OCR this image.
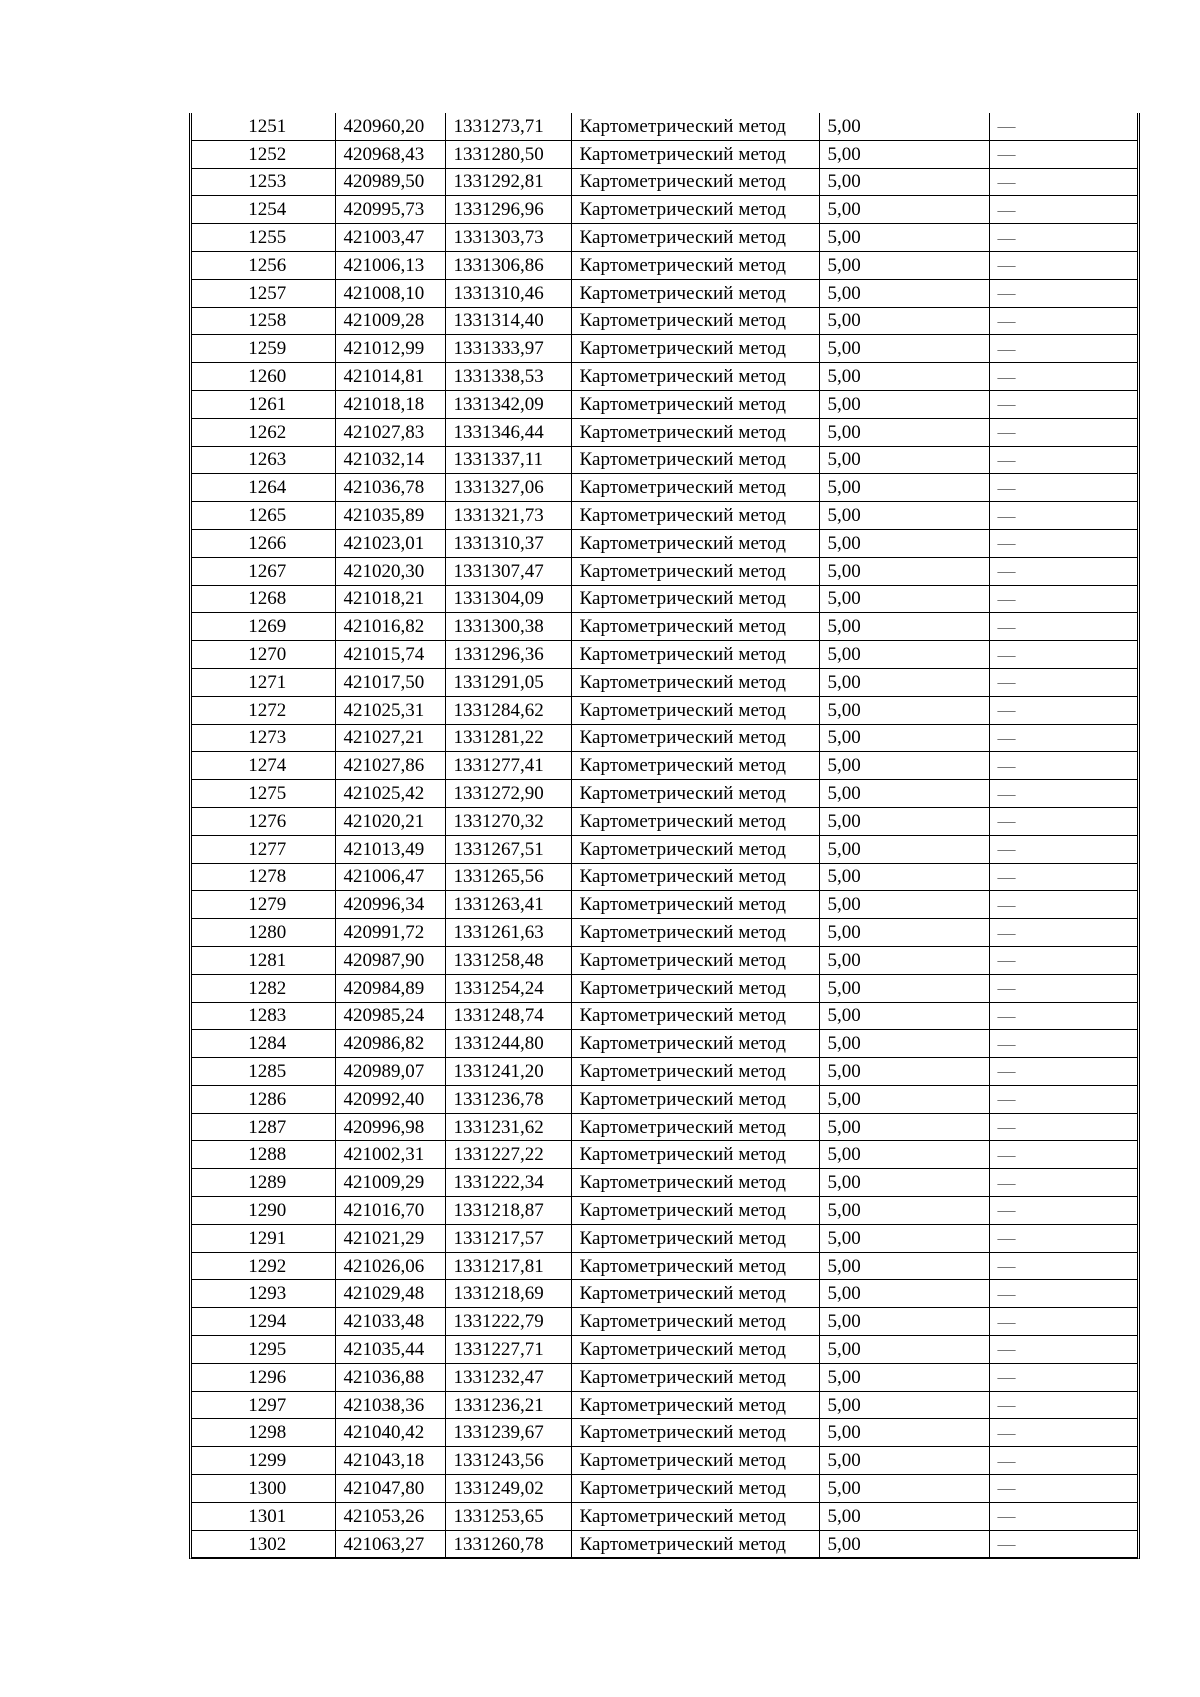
1251	420960,20	1331273,71	Картометрический метод	5,00	—
1252	420968,43	1331280,50	Картометрический метод	5,00	—
1253	420989,50	1331292,81	Картометрический метод	5,00	—
1254	420995,73	1331296,96	Картометрический метод	5,00	—
1255	421003,47	1331303,73	Картометрический метод	5,00	—
1256	421006,13	1331306,86	Картометрический метод	5,00	—
1257	421008,10	1331310,46	Картометрический метод	5,00	—
1258	421009,28	1331314,40	Картометрический метод	5,00	—
1259	421012,99	1331333,97	Картометрический метод	5,00	—
1260	421014,81	1331338,53	Картометрический метод	5,00	—
1261	421018,18	1331342,09	Картометрический метод	5,00	—
1262	421027,83	1331346,44	Картометрический метод	5,00	—
1263	421032,14	1331337,11	Картометрический метод	5,00	—
1264	421036,78	1331327,06	Картометрический метод	5,00	—
1265	421035,89	1331321,73	Картометрический метод	5,00	—
1266	421023,01	1331310,37	Картометрический метод	5,00	—
1267	421020,30	1331307,47	Картометрический метод	5,00	—
1268	421018,21	1331304,09	Картометрический метод	5,00	—
1269	421016,82	1331300,38	Картометрический метод	5,00	—
1270	421015,74	1331296,36	Картометрический метод	5,00	—
1271	421017,50	1331291,05	Картометрический метод	5,00	—
1272	421025,31	1331284,62	Картометрический метод	5,00	—
1273	421027,21	1331281,22	Картометрический метод	5,00	—
1274	421027,86	1331277,41	Картометрический метод	5,00	—
1275	421025,42	1331272,90	Картометрический метод	5,00	—
1276	421020,21	1331270,32	Картометрический метод	5,00	—
1277	421013,49	1331267,51	Картометрический метод	5,00	—
1278	421006,47	1331265,56	Картометрический метод	5,00	—
1279	420996,34	1331263,41	Картометрический метод	5,00	—
1280	420991,72	1331261,63	Картометрический метод	5,00	—
1281	420987,90	1331258,48	Картометрический метод	5,00	—
1282	420984,89	1331254,24	Картометрический метод	5,00	—
1283	420985,24	1331248,74	Картометрический метод	5,00	—
1284	420986,82	1331244,80	Картометрический метод	5,00	—
1285	420989,07	1331241,20	Картометрический метод	5,00	—
1286	420992,40	1331236,78	Картометрический метод	5,00	—
1287	420996,98	1331231,62	Картометрический метод	5,00	—
1288	421002,31	1331227,22	Картометрический метод	5,00	—
1289	421009,29	1331222,34	Картометрический метод	5,00	—
1290	421016,70	1331218,87	Картометрический метод	5,00	—
1291	421021,29	1331217,57	Картометрический метод	5,00	—
1292	421026,06	1331217,81	Картометрический метод	5,00	—
1293	421029,48	1331218,69	Картометрический метод	5,00	—
1294	421033,48	1331222,79	Картометрический метод	5,00	—
1295	421035,44	1331227,71	Картометрический метод	5,00	—
1296	421036,88	1331232,47	Картометрический метод	5,00	—
1297	421038,36	1331236,21	Картометрический метод	5,00	—
1298	421040,42	1331239,67	Картометрический метод	5,00	—
1299	421043,18	1331243,56	Картометрический метод	5,00	—
1300	421047,80	1331249,02	Картометрический метод	5,00	—
1301	421053,26	1331253,65	Картометрический метод	5,00	—
1302	421063,27	1331260,78	Картометрический метод	5,00	—
